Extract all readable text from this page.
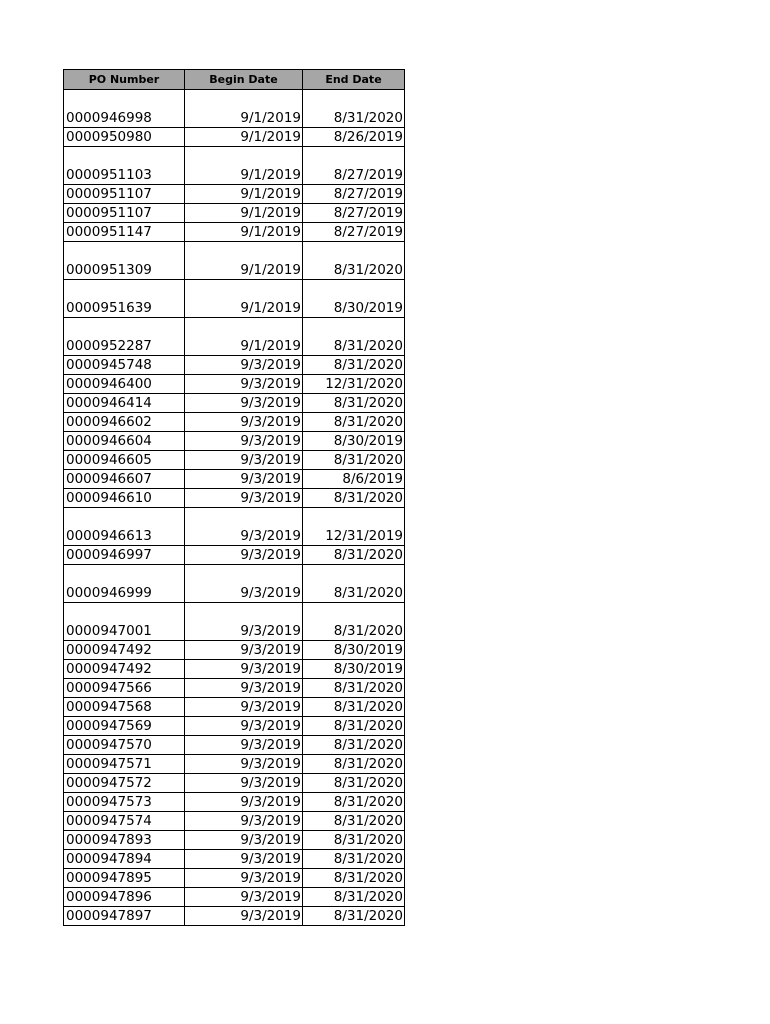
PO Number	Begin Date	End Date
0000946998	9/1/2019	8/31/2020
0000950980	9/1/2019	8/26/2019
0000951103	9/1/2019	8/27/2019
0000951107	9/1/2019	8/27/2019
0000951107	9/1/2019	8/27/2019
0000951147	9/1/2019	8/27/2019
0000951309	9/1/2019	8/31/2020
0000951639	9/1/2019	8/30/2019
0000952287	9/1/2019	8/31/2020
0000945748	9/3/2019	8/31/2020
0000946400	9/3/2019	12/31/2020
0000946414	9/3/2019	8/31/2020
0000946602	9/3/2019	8/31/2020
0000946604	9/3/2019	8/30/2019
0000946605	9/3/2019	8/31/2020
0000946607	9/3/2019	8/6/2019
0000946610	9/3/2019	8/31/2020
0000946613	9/3/2019	12/31/2019
0000946997	9/3/2019	8/31/2020
0000946999	9/3/2019	8/31/2020
0000947001	9/3/2019	8/31/2020
0000947492	9/3/2019	8/30/2019
0000947492	9/3/2019	8/30/2019
0000947566	9/3/2019	8/31/2020
0000947568	9/3/2019	8/31/2020
0000947569	9/3/2019	8/31/2020
0000947570	9/3/2019	8/31/2020
0000947571	9/3/2019	8/31/2020
0000947572	9/3/2019	8/31/2020
0000947573	9/3/2019	8/31/2020
0000947574	9/3/2019	8/31/2020
0000947893	9/3/2019	8/31/2020
0000947894	9/3/2019	8/31/2020
0000947895	9/3/2019	8/31/2020
0000947896	9/3/2019	8/31/2020
0000947897	9/3/2019	8/31/2020
